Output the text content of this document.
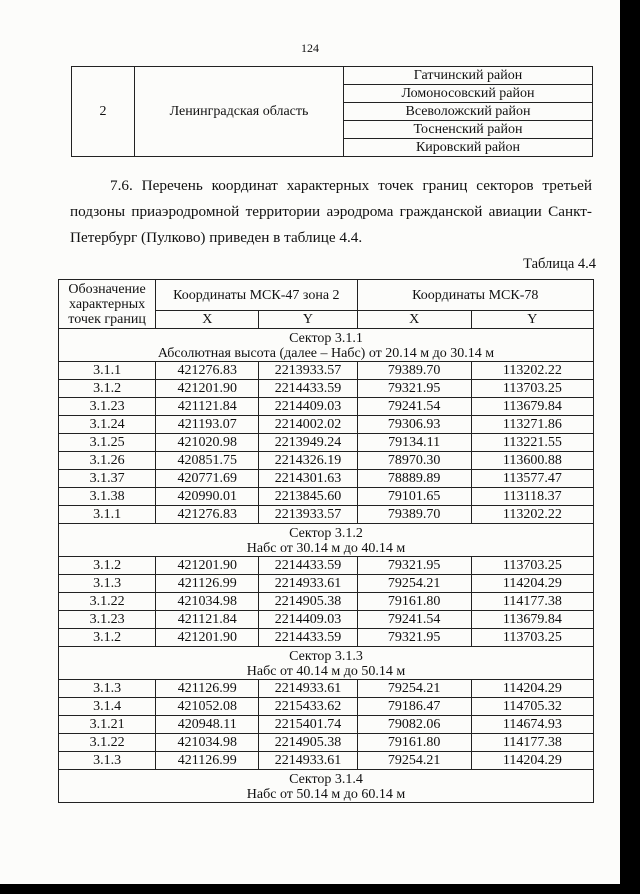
124
2	Ленинградская область	Гатчинский район
Ломоносовский район
Всеволожский район
Тосненский район
Кировский район
7.6. Перечень координат характерных точек границ секторов третьей подзоны приаэродромной территории аэродрома гражданской авиации Санкт-Петербург (Пулково) приведен в таблице 4.4.
Таблица 4.4
Обозначение характерных точек границ	Координаты МСК-47 зона 2		Координаты МСК-78	
	X	Y	X	Y

Сектор 3.1.1
Абсолютная высота (далее – Набс) от 20.14 м до 30.14 м				

3.1.1	421276.83	2213933.57	79389.70	113202.22
3.1.2	421201.90	2214433.59	79321.95	113703.25
3.1.23	421121.84	2214409.03	79241.54	113679.84
3.1.24	421193.07	2214002.02	79306.93	113271.86
3.1.25	421020.98	2213949.24	79134.11	113221.55
3.1.26	420851.75	2214326.19	78970.30	113600.88
3.1.37	420771.69	2214301.63	78889.89	113577.47
3.1.38	420990.01	2213845.60	79101.65	113118.37
3.1.1	421276.83	2213933.57	79389.70	113202.22

Сектор 3.1.2
Набс от 30.14 м до 40.14 м				

3.1.2	421201.90	2214433.59	79321.95	113703.25
3.1.3	421126.99	2214933.61	79254.21	114204.29
3.1.22	421034.98	2214905.38	79161.80	114177.38
3.1.23	421121.84	2214409.03	79241.54	113679.84
3.1.2	421201.90	2214433.59	79321.95	113703.25

Сектор 3.1.3
Набс от 40.14 м до 50.14 м				

3.1.3	421126.99	2214933.61	79254.21	114204.29
3.1.4	421052.08	2215433.62	79186.47	114705.32
3.1.21	420948.11	2215401.74	79082.06	114674.93
3.1.22	421034.98	2214905.38	79161.80	114177.38
3.1.3	421126.99	2214933.61	79254.21	114204.29

Сектор 3.1.4
Набс от 50.14 м до 60.14 м				
